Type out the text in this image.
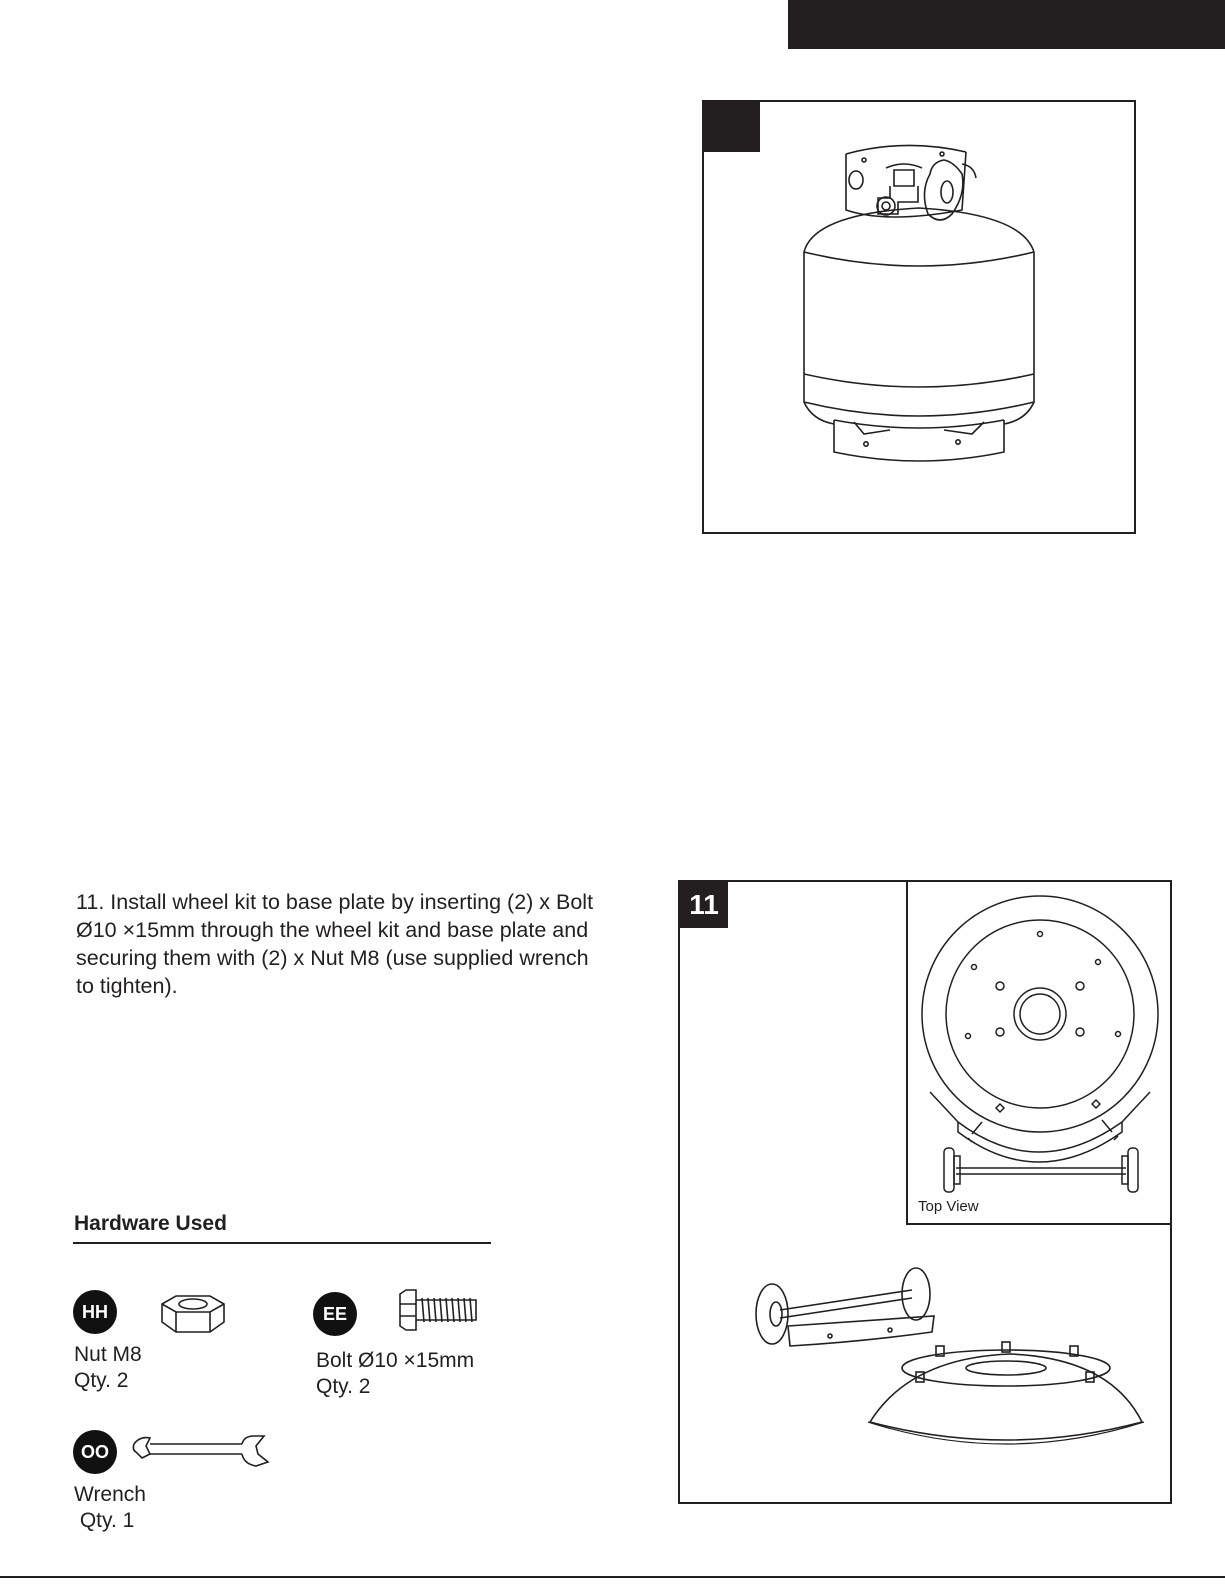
11. Install wheel kit to base plate by inserting (2) x Bolt Ø10 ×15mm through the wheel kit and base plate and securing them with (2) x Nut M8 (use supplied wrench to tighten).
11
Top View
Hardware Used
HH
Nut M8
Qty. 2
EE
Bolt Ø10 ×15mm
Qty. 2
OO
Wrench
Qty. 1
